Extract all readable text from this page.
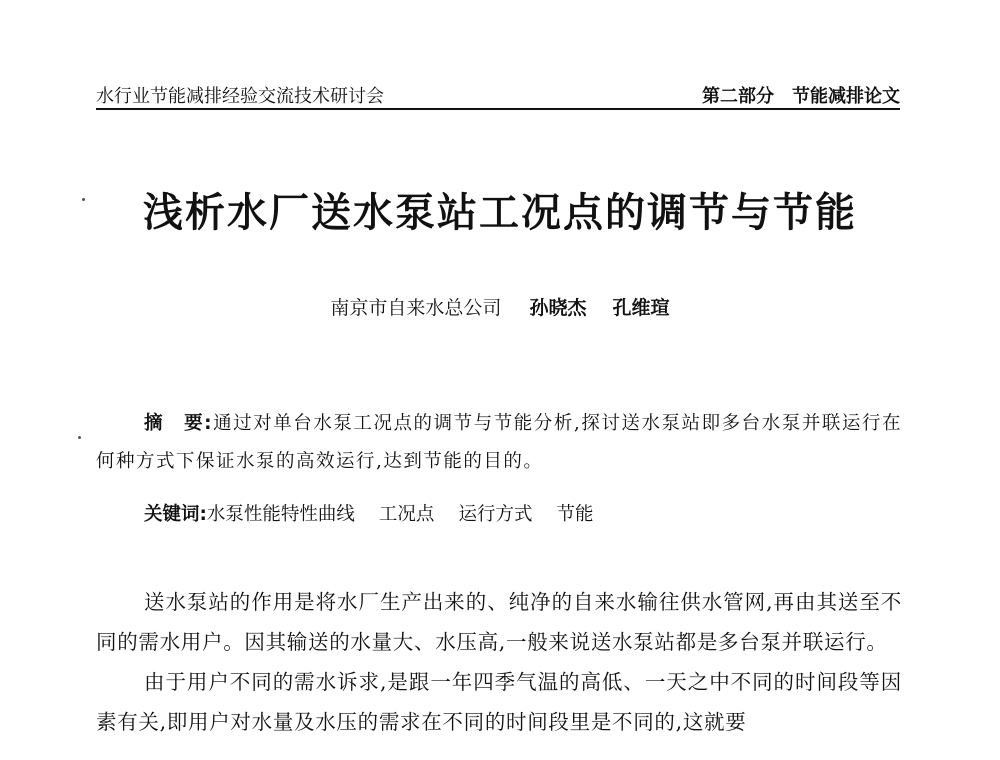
水行业节能减排经验交流技术研讨会	第二部分　节能减排论文
浅析水厂送水泵站工况点的调节与节能
南京市自来水总公司 孙晓杰 孔维瑄

摘　要:通过对单台水泵工况点的调节与节能分析,探讨送水泵站即多台水泵并联运行在何种方式下保证水泵的高效运行,达到节能的目的。

关键词:水泵性能特性曲线 工况点 运行方式 节能

送水泵站的作用是将水厂生产出来的、纯净的自来水输往供水管网,再由其送至不同的需水用户。因其输送的水量大、水压高,一般来说送水泵站都是多台泵并联运行。

由于用户不同的需水诉求,是跟一年四季气温的高低、一天之中不同的时间段等因素有关,即用户对水量及水压的需求在不同的时间段里是不同的,这就要
